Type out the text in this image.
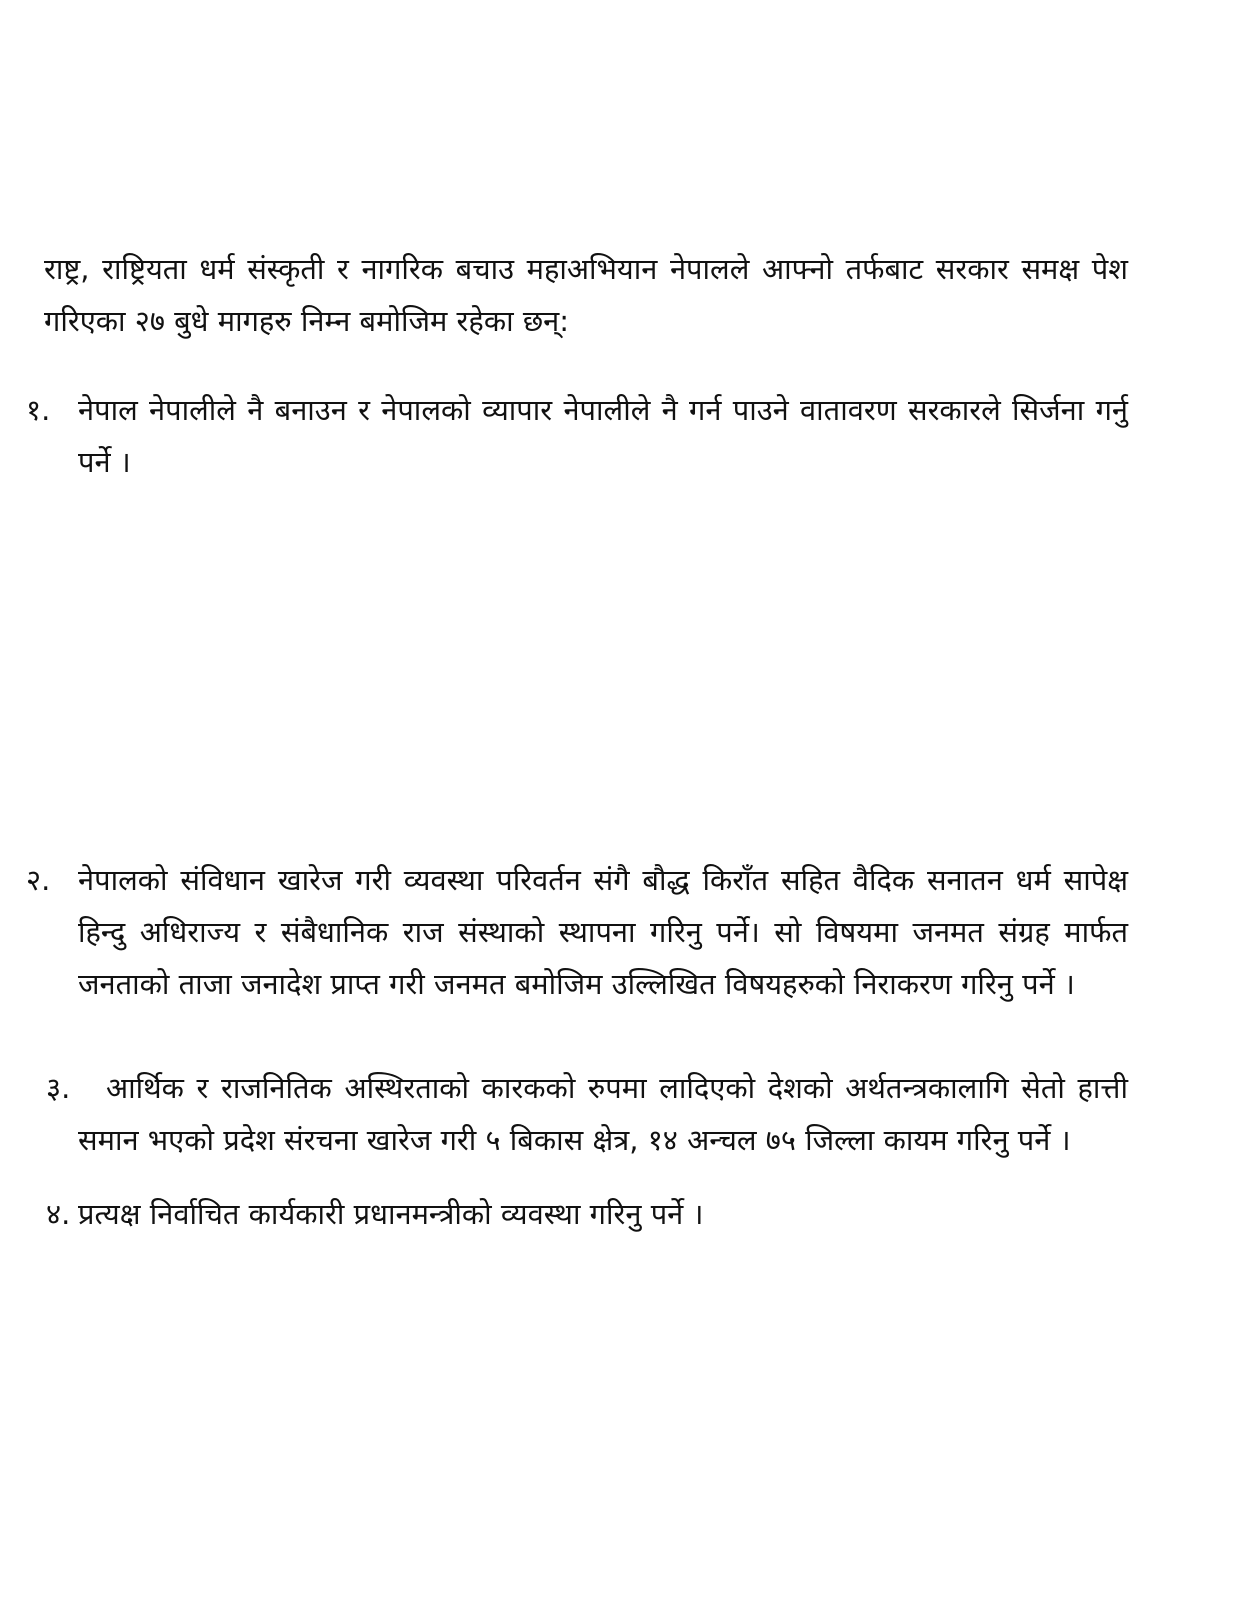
राष्ट्र, राष्ट्रियता धर्म संस्कृती र नागरिक बचाउ महाअभियान नेपालले आफ्नो तर्फबाट सरकार समक्ष पेश गरिएका २७ बुधे मागहरु निम्न बमोजिम रहेका छन्:

१. नेपाल नेपालीले नै बनाउन र नेपालको व्यापार नेपालीले नै गर्न पाउने वातावरण सरकारले सिर्जना गर्नु पर्ने ।
२. नेपालको संविधान खारेज गरी व्यवस्था परिवर्तन संगै बौद्ध किराँत सहित वैदिक सनातन धर्म सापेक्ष हिन्दु अधिराज्य र संबैधानिक राज संस्थाको स्थापना गरिनु पर्ने। सो विषयमा जनमत संग्रह मार्फत जनताको ताजा जनादेश प्राप्त गरी जनमत बमोजिम उल्लिखित विषयहरुको निराकरण गरिनु पर्ने ।
३.	आर्थिक र राजनितिक अस्थिरताको कारकको रुपमा लादिएको देशको अर्थतन्त्रकालागि सेतो हात्ती समान भएको प्रदेश संरचना खारेज गरी ५ बिकास क्षेत्र, १४ अन्चल ७५ जिल्ला कायम गरिनु पर्ने ।
४. प्रत्यक्ष निर्वाचित कार्यकारी प्रधानमन्त्रीको व्यवस्था गरिनु पर्ने ।
